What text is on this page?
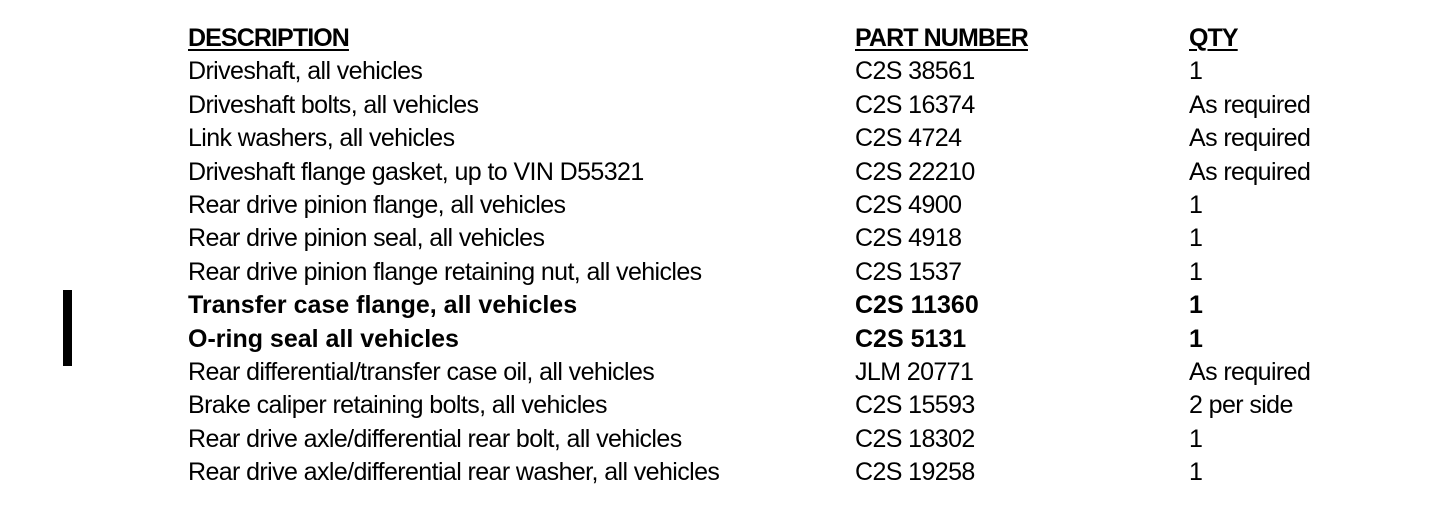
DESCRIPTION	PART NUMBER	QTY
Driveshaft, all vehicles	C2S 38561	1
Driveshaft bolts, all vehicles	C2S 16374	As required
Link washers, all vehicles	C2S 4724	As required
Driveshaft flange gasket, up to VIN D55321	C2S 22210	As required
Rear drive pinion flange, all vehicles	C2S 4900	1
Rear drive pinion seal, all vehicles	C2S 4918	1
Rear drive pinion flange retaining nut, all vehicles	C2S 1537	1
Transfer case flange, all vehicles	C2S 11360	1
O-ring seal all vehicles	C2S 5131	1
Rear differential/transfer case oil, all vehicles	JLM 20771	As required
Brake caliper retaining bolts, all vehicles	C2S 15593	2 per side
Rear drive axle/differential rear bolt, all vehicles	C2S 18302	1
Rear drive axle/differential rear washer, all vehicles	C2S 19258	1
